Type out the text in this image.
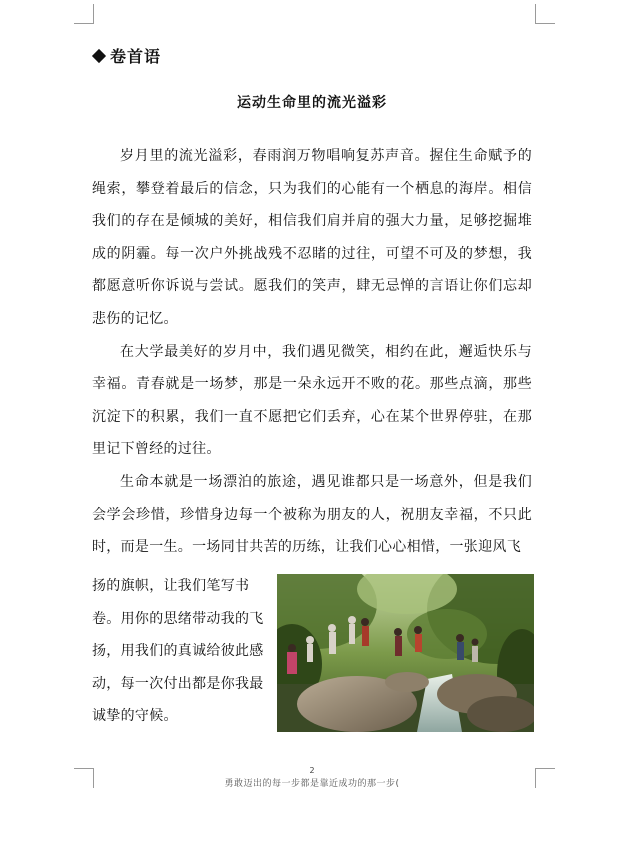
卷首语
运动生命里的流光溢彩

岁月里的流光溢彩，春雨润万物唱响复苏声音。握住生命赋予的绳索，攀登着最后的信念，只为我们的心能有一个栖息的海岸。相信我们的存在是倾城的美好，相信我们肩并肩的强大力量，足够挖掘堆成的阴霾。每一次户外挑战残不忍睹的过往，可望不可及的梦想，我都愿意听你诉说与尝试。愿我们的笑声，肆无忌惮的言语让你们忘却悲伤的记忆。

在大学最美好的岁月中，我们遇见微笑，相约在此，邂逅快乐与幸福。青春就是一场梦，那是一朵永远开不败的花。那些点滴，那些沉淀下的积累，我们一直不愿把它们丢弃，心在某个世界停驻，在那里记下曾经的过往。

生命本就是一场漂泊的旅途，遇见谁都只是一场意外，但是我们会学会珍惜，珍惜身边每一个被称为朋友的人，祝朋友幸福，不只此时，而是一生。一场同甘共苦的历练，让我们心心相惜，一张迎风飞

扬的旗帜，让我们笔写书
卷。用你的思绪带动我的飞
扬，用我们的真诚给彼此感
动，每一次付出都是你我最
诚挚的守候。
2
勇敢迈出的每一步都是靠近成功的那一步(
